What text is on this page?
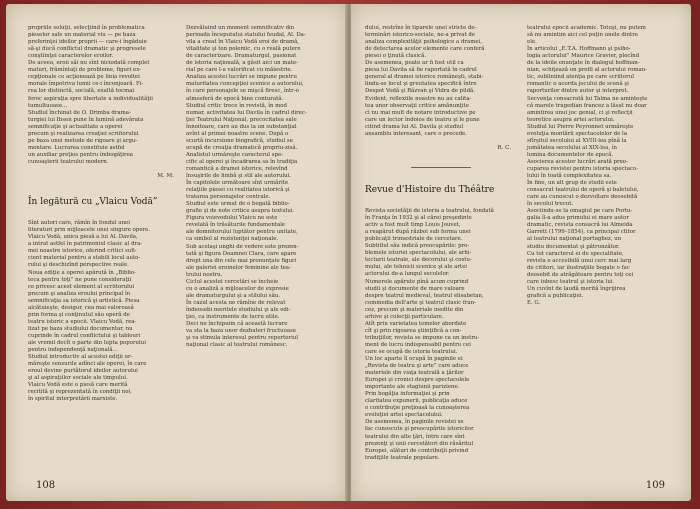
propriile soluţii, selecţiind în problematica
pieselor sale un material viu — pe baza
preferinţei ideilor proprii — care-i îngăduie
să-şi ducă conflictul dramatic şi progresele
conştiinţei caracterelor eroilor.
De aceea, eroii săi nu sînt niciodată complet
maturi, frămîntaţi de probleme, figuri ex-
cepţionale ce acţionează pe linia revoltei
morale împotriva lumii ce-i înconjoară. Fi-
rea lor distinctă, socială, exaltă tocmai
feroc aspiraţia spre libertate a individualităţii
tumultuoase...
Studiul închinat de O. Drimba drama-
turgiei lui Ibsen pune în lumină adevărata
semnificaţie şi actualitate a operei
precum şi realizarea creaţiei scriitorului
pe baza unei metode de rigoare şi argu-
mentare. Lucrarea constituie astfel
un auxiliar preţios pentru îmbogăţirea
cunoaşterii teatrului modern.

M. M.

În legătură cu „Vlaicu Vodă”

Sînt autori care, rămîn în fondul unei
literaturi prin mijloacele unei singure opere.
Vlaicu Vodă, unica piesă a lui Al. Davila,
a intrat astfel în patrimoniul clasic al dra-
mei noastre istorice, oferind critici sufi-
cient material pentru a stabili locul auto-
rului şi deschizînd perspective reale.
Noua ediţie a operei apărută în „Biblio-
teca pentru toţi” ne pune consideraţii
ce privesc acest element al scriitorului
precum şi analiza eroului principal în
semnificaţia sa istorică şi artistică. Piesa
alcătuieşte, desigur, cea mai valoroasă
prin forma şi conţinutul său operă de
teatru istoric a epocii. Vlaicu Vodă, rea-
lizat pe baza studiului documentar, nu
cuprinde în cadrul conflictului şi tablouri
ale vremii decît o parte din lupta poporului
pentru independenţă naţională...
Studiul introductiv al acestei ediţii ur-
măreşte sensurile adînci ale operei, în care
eroul devine purtătorul ideilor autorului
şi al aspiraţiilor sociale ale timpului.
Vlaicu Vodă este o piesă care merită
recitită şi reprezentată în condiţii noi,
în spiritul interpretării marxiste.

Dezvăluind un moment semnificativ din
perioada începutului statului feudal, Al. Da-
vila a creat în Vlaicu Vodă eroi de dramă,
vitalitate şi ton polemic, cu o reală putere
de caracterizare. Dramaturgul, pasionat
de istoria naţională, a găsit aici un mate-
rial pe care l-a valorificat cu măiestrie.
Analiza acestei lucrări se impune pentru
maturitatea concepţiei scenice a autorului,
în care personajele se mişcă firesc, într-o
atmosferă de epocă bine conturată.
Studiul critic trece în revistă, în mod
numar, activitatea lui Davila în cadrul direc-
ţiei Teatrului Naţional, precocitatea sale
înnoitoare, care au dus la un substanţial
avînt al primei noastre scene. După o
scurtă incursiune biografică, studiul se
ocupă de creaţia dramatică propriu-zisă.
Analistul urmăreşte caracterul spe-
cific al operei şi încadrarea sa în tradiţia
romantică a dramei istorice, relevînd
însuşirile de limbă şi stil ale autorului.
În capitolele următoare sînt urmărite
relaţiile piesei cu realitatea istorică şi
tratarea personajelor centrale.
Studiul este urmat de o bogată biblio-
grafie şi de note critice asupra textului.
Figura voievodului Vlaicu ne este
revelată în trăsăturile fundamentale
ale domnitorului luptător pentru unitate,
ca simbol al rezistenţei naţionale.
Sub acelaşi unghi de vedere este prezen-
tată şi figura Doamnei Clara, care apare
drept una din cele mai pronunţate figuri
ale galeriei eroinelor feminine ale tea-
trului nostru.
Ciclul acestei cercetări se încheie
cu o analiză a mijloacelor de expresie
ale dramaturgului şi a stilului său.
În cazul acesta ne rămîne de relevat
îndeosebi meritele studiului şi ale edi-
ţiei, ca instrumente de lucru utile.
Deci ne închipuim că această lucrare
va sta la baza unor dezbateri fructuoase
şi va stimula interesul pentru repertoriul
naţional clasic al teatrului românesc.

108

dului, restrîns în tiparele unei stricte de-
terminări istorico-sociale, ne-a privat de
analiza complexităţii psihologice a dramei,
de detectarea acelor elemente care conferă
piesei o ţinută clasică.
De asemenea, poate ar fi fost util ca
piesa lui Davila să fie raportată în cadrul
general al dramei istorice româneşti, stabi-
lindu-se locul şi greutatea specifică între
Despot Vodă şi Răzvan şi Vidra de pildă.
Evident, reflexiile noastre nu au calita-
tea unor observaţii critice amănunţite
ci nu mai mult de notare introductive pe
care un lector îndoios de teatru şi le pune
citind drama lui Al. Davila şi studiul
ansamblu interesant, care o precede.

R. C.

Revue d'Histoire du Théâtre

Revista societăţii de istoria a teatrului, fondată
în Franţa în 1932 şi al cărei preşedinte
activ a fost mult timp Louis Jouvet,
a reapărut după război sub forma unei
publicaţii trimestriale de cercetare.
Subtitlul său indică preocupările: pro-
blemele istoriei spectacolului, ale arhi-
tecturii teatrale, ale decorului şi costu-
mului, ale tehnicii scenice şi ale artei
actorului de-a lungul secolelor.
Numerele apărute pînă acum cuprind
studii şi documente de mare valoare
despre teatrul medieval, teatrul elisabetan,
commedia dell'arte şi teatrul clasic fran-
cez, precum şi materiale inedite din
arhive şi colecţii particulare.
Atît prin varietatea temelor abordate
cît şi prin rigoarea ştiinţifică a con-
tribuţiilor, revista se impune ca un instru-
ment de lucru indispensabil pentru cei
care se ocupă de istoria teatrului.
Un loc aparte îl ocupă în paginile ei
„Revista de teatru şi arte” care aduce
materiale din viaţa teatrală a ţărilor
Europei şi cronici despre spectacolele
importante ale stagiunii pariziene.
Prin bogăţia informaţiei şi prin
claritatea expunerii, publicaţia aduce
o contribuţie preţioasă la cunoaşterea
evoluţiei artei spectacolului.
De asemenea, în paginile revistei se
fac cunoscute şi preocupările istoricilor
teatrului din alte ţări, între care sînt
prezenţi şi unii cercetători din răsăritul
Europei, alături de contribuţii privind
tradiţiile teatrale populare.

teatrului epocii academic. Totuşi, nu putem
să nu amintim aici cel puţin unele dintre
ele.
În articolul „E.T.A. Hoffmann şi psiho-
logia actorului” Maurice Gravier, plecînd
de la ideile enunţate în dialogul hoffman-
nian, schiţează un profil al actorului roman-
tic, subliniind atenţia pe care scriitorul
romantic o acorda jocului de scenă şi
raporturilor dintre autor şi interpret.
Secvenţa consacrată lui Talma ne aminteşte
că marele tragedian francez a lăsat nu doar
amintirea unui joc genial, ci şi reflecţii
teoretice asupra artei actorului.
Studiul lui Pierre Peyronnet urmăreşte
evoluţia montării spectacolelor de la
sfîrşitul secolului al XVIII-lea pînă la
jumătatea secolului al XIX-lea, în
lumina documentelor de epocă.
Asocierea acestor lucrări arată preo-
cuparea revistei pentru istoria spectaco-
lului în toată complexitatea sa.
În fine, un alt grup de studii este
consacrat teatrului de operă şi baletului,
care au cunoscut o dezvoltare deosebită
în secolul trecut.
Asociindu-se la omagiul pe care Portu-
galia îl-a adus primului ei mare autor
dramatic, revista consacră lui Almeida
Garrett (1799–1854), ca principal ctitor
al teatrului naţional portughez, un
studiu documentat şi pătrunzător.
Cu tot caracterul ei de specialitate,
revista e accesibilă unui cerc mai larg
de cititori, iar ilustraţiile bogate o fac
deosebit de atrăgătoare pentru toţi cei
care iubesc teatrul şi istoria lui.
Un cuvînt de laudă merită îngrijirea
grafică a publicaţiei.
E. G.

109
